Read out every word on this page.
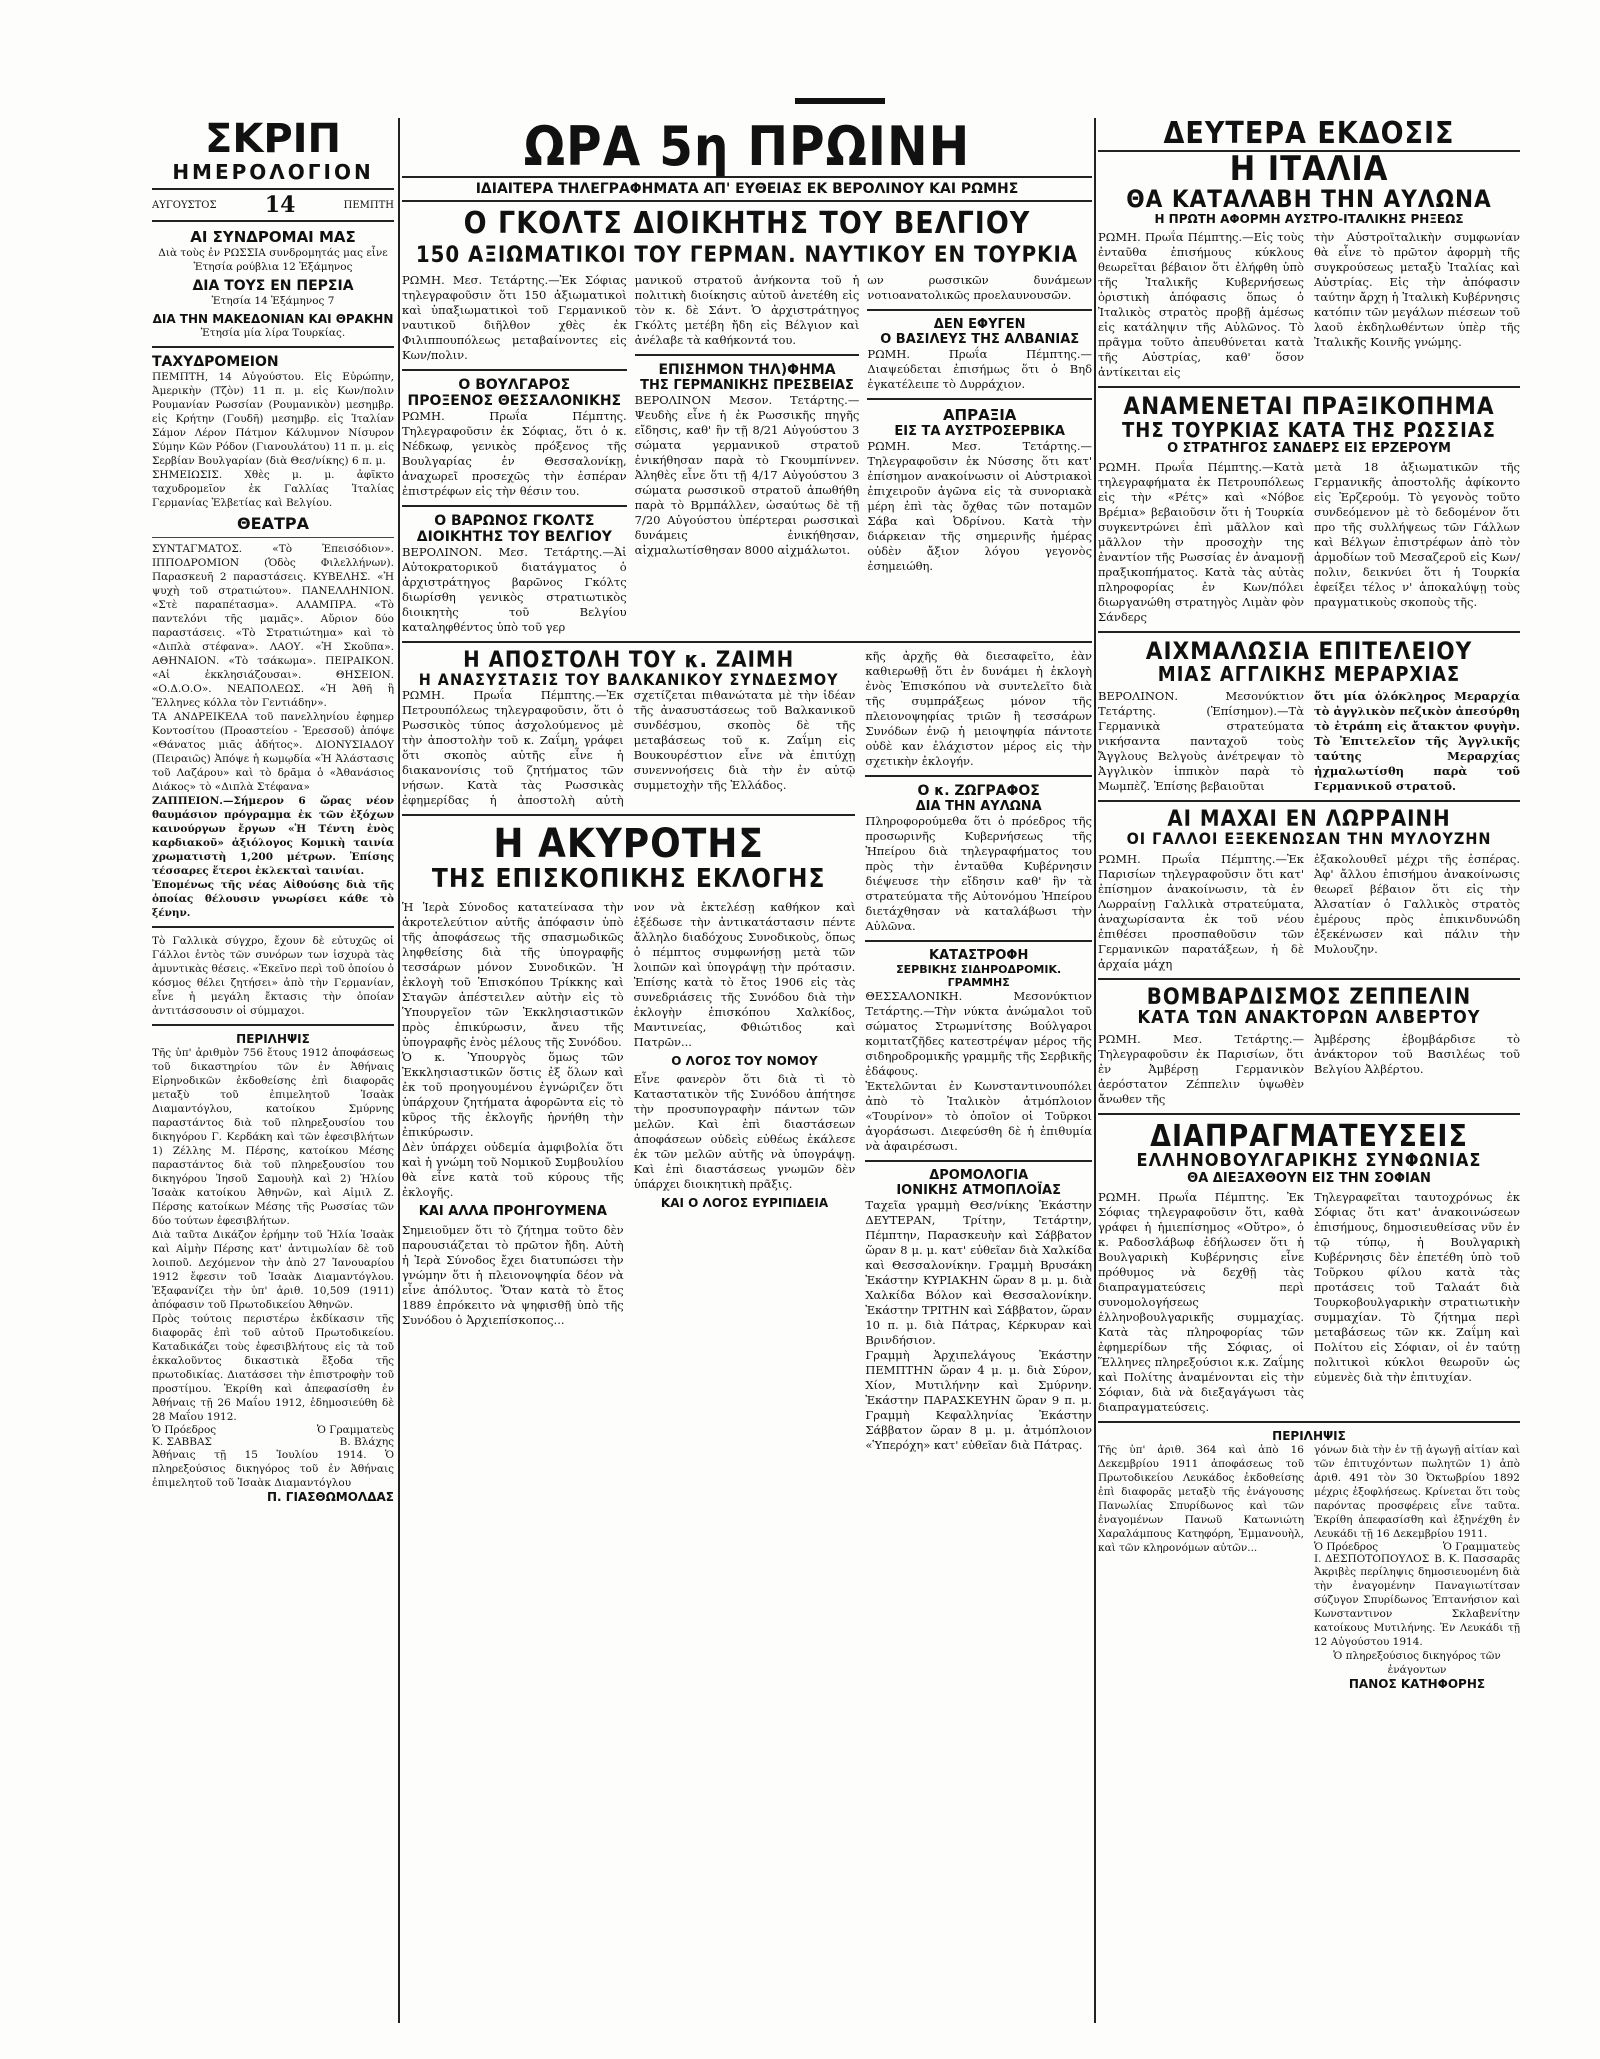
ΣΚΡΙΠ
ΗΜΕΡΟΛΟΓΙΟΝ
ΑΥΓΟΥΣΤΟΣ 14	ΠΕΜΠΤΗ
ΑΙ ΣΥΝΔΡΟΜΑΙ ΜΑΣ
Διὰ τοὺς ἐν ΡΩΣΣΙΑ συνδρομητάς μας εἶνε Ἐτησία ρούβλια 12 Ἑξάμηνος
ΔΙΑ ΤΟΥΣ ΕΝ ΠΕΡΣΙΑ
Ἐτησία 14 Ἑξάμηνος 7
ΔΙΑ ΤΗΝ ΜΑΚΕΔΟΝΙΑΝ ΚΑΙ ΘΡΑΚΗΝ
Ἐτησία μία λίρα Τουρκίας.
ΤΑΧΥΔΡΟΜΕΙΟΝ
ΠΕΜΠΤΗ, 14 Αὐγούστου. Εἰς Εὐρώπην, Ἀμερικὴν (Τζὸν) 11 π. μ. εἰς Κων/πολιν Ρουμανίαν Ρωσσίαν (Ρουμανικὸν) μεσημβρ. εἰς Κρήτην (Γουδῆ) μεσημβρ. εἰς Ἰταλίαν Σάμον Λέρον Πάτμον Κάλυμνον Νίσυρον Σύμην Κῶν Ρόδον (Γιανουλάτου) 11 π. μ. εἰς Σερβίαν Βουλγαρίαν (διὰ Θεσ/νίκης) 6 π. μ.
ΣΗΜΕΙΩΣΙΣ. Χθὲς μ. μ. ἀφῖκτο ταχυδρομεῖον ἐκ Γαλλίας Ἰταλίας Γερμανίας Ἑλβετίας καὶ Βελγίου.
ΘΕΑΤΡΑ
ΣΥΝΤΑΓΜΑΤΟΣ. «Τὸ Ἐπεισόδιον». ΙΠΠΟΔΡΟΜΙΟΝ (Ὁδὸς Φιλελλήνων). Παρασκευῆ 2 παραστάσεις. ΚΥΒΕΛΗΣ. «Ἡ ψυχὴ τοῦ στρατιώτου». ΠΑΝΕΛΛΗΝΙΟΝ. «Στὲ παραπέτασμα». ΑΛΑΜΠΡΑ. «Τὸ παντελόνι τῆς μαμᾶς». Αὔριον δύο παραστάσεις. «Τὸ Στρατιώτημα» καὶ τὸ «Διπλὰ στέφανα». ΛΑΟΥ. «Ἡ Σκοῦπα». ΑΘΗΝΑΙΟΝ. «Τὸ τσάκωμα». ΠΕΙΡΑΙΚΟΝ. «Αἱ ἐκκλησιάζουσαι». ΘΗΣΕΙΟΝ. «Ο.Δ.Ο.Ο». ΝΕΑΠΟΛΕΩΣ. «Ἡ Ἀθῆ ἢ Ἕλληνες κόλλα τὸν Γεντιάδην».
ΤΑ ΑΝΔΡΕΙΚΕΛΑ τοῦ πανελληνίου ἐφημερ Κοντοσίτου (Προαστείου - Ἐρεσσοῦ) ἀπόψε «Θάνατος μιᾶς ἀδήτος». ΔΙΟΝΥΣΙΑΔΟΥ (Πειραιῶς) Ἀπόψε ἡ κωμῳδία «Ἡ Ἀλάστασις τοῦ Λαζάρου» καὶ τὸ δρᾶμα ὁ «Ἀθανάσιος Διάκος» τὸ «Διπλὰ Στέφανα»
ΖΑΠΠΕΙΟΝ.—Σήμερον 6 ὥρας νέον θαυμάσιον πρόγραμμα ἐκ τῶν ἐξόχων καινούργων ἔργων «Ἡ Τέντη ἐνὸς καρδιακοῦ» ἀξιόλογος Κομικὴ ταινία χρωματιστὴ 1,200 μέτρων. Ἐπίσης τέσσαρες ἕτεροι ἐκλεκταὶ ταινίαι.
Ἐπομένως τῆς νέας Αἰθούσης διὰ τῆς ὁποίας θέλουσιν γνωρίσει κάθε τὸ ξένην.
Τὸ Γαλλικὰ σύγχρο, ἔχουν δὲ εὐτυχῶς οἱ Γάλλοι ἐντὸς τῶν συνόρων των ἰσχυρὰ τὰς ἀμυντικὰς θέσεις. «Ἐκεῖνο περὶ τοῦ ὁποίου ὁ κόσμος θέλει ζητήσει» ἀπὸ τὴν Γερμανίαν, εἶνε ἡ μεγάλη ἔκτασις τὴν ὁποίαν ἀντιτάσσουσιν οἱ σύμμαχοι.
ΠΕΡΙΛΗΨΙΣ
Τῆς ὑπ' ἀριθμὸν 756 ἔτους 1912 ἀποφάσεως τοῦ δικαστηρίου τῶν ἐν Ἀθήναις Εἰρηνοδικῶν ἐκδοθείσης ἐπὶ διαφορᾶς μεταξὺ τοῦ ἐπιμελητοῦ Ἰσαὰκ Διαμαντόγλου, κατοίκου Σμύρνης παραστάντος διὰ τοῦ πληρεξουσίου του δικηγόρου Γ. Κερδάκη καὶ τῶν ἐφεσιβλήτων 1) Ζέλλης Μ. Πέρσης, κατοίκου Μέσης παραστάντος διὰ τοῦ πληρεξουσίου του δικηγόρου Ἰησοῦ Σαμουὴλ καὶ 2) Ἠλίου Ἰσαὰκ κατοίκου Ἀθηνῶν, καὶ Αἰμιλ Ζ. Πέρσης κατοίκων Μέσης τῆς Ρωσσίας τῶν δύο τούτων ἐφεσιβλήτων.
Διὰ ταῦτα Δικάζον ἐρήμην τοῦ Ἠλία Ἰσαὰκ καὶ Αἰμὴν Πέρσης κατ' ἀντιμωλίαν δὲ τοῦ λοιποῦ. Δεχόμενον τὴν ἀπὸ 27 Ἰανουαρίου 1912 ἔφεσιν τοῦ Ἰσαὰκ Διαμαντόγλου. Ἐξαφανίζει τὴν ὑπ' ἀριθ. 10,509 (1911) ἀπόφασιν τοῦ Πρωτοδικείου Ἀθηνῶν.
Πρὸς τούτοις περιστέρω ἐκδίκασιν τῆς διαφορᾶς ἐπὶ τοῦ αὐτοῦ Πρωτοδικείου. Καταδικάζει τοὺς ἐφεσιβλήτους εἰς τὰ τοῦ ἐκκαλοῦντος δικαστικὰ ἔξοδα τῆς πρωτοδικίας. Διατάσσει τὴν ἐπιστροφὴν τοῦ προστίμου. Ἐκρίθη καὶ ἀπεφασίσθη ἐν Ἀθήναις τῇ 26 Μαΐου 1912, ἐδημοσιεύθη δὲ 28 Μαΐου 1912.
Ὁ Πρόεδρος
Κ. ΣΑΒΒΑΣ
Ὁ Γραμματεὺς
Β. Βλάχης
Ἀθήναις τῇ 15 Ἰουλίου 1914. Ὁ πληρεξούσιος δικηγόρος τοῦ ἐν Ἀθήναις ἐπιμελητοῦ τοῦ Ἰσαὰκ Διαμαντόγλου
Π. ΓΙΑΣΘΩΜΟΛΔΑΣ
ΩΡΑ 5η ΠΡΩΙΝΗ
ΙΔΙΑΙΤΕΡΑ ΤΗΛΕΓΡΑΦΗΜΑΤΑ ΑΠ' ΕΥΘΕΙΑΣ ΕΚ ΒΕΡΟΛΙΝΟΥ ΚΑΙ ΡΩΜΗΣ
Ο ΓΚΟΛΤΣ ΔΙΟΙΚΗΤΗΣ ΤΟΥ ΒΕΛΓΙΟΥ
150 ΑΞΙΩΜΑΤΙΚΟΙ ΤΟΥ ΓΕΡΜΑΝ. ΝΑΥΤΙΚΟΥ ΕΝ ΤΟΥΡΚΙΑ
ΡΩΜΗ. Μεσ. Τετάρτης.—Ἐκ Σόφιας τηλεγραφοῦσιν ὅτι 150 ἀξιωματικοὶ καὶ ὑπαξιωματικοὶ τοῦ Γερμανικοῦ ναυτικοῦ διῆλθον χθὲς ἐκ Φιλιππουπόλεως μεταβαίνοντες εἰς Κων/πολιν.
Ο ΒΟΥΛΓΑΡΟΣ
ΠΡΟΞΕΝΟΣ ΘΕΣΣΑΛΟΝΙΚΗΣ
ΡΩΜΗ. Πρωΐα Πέμπτης. Τηλεγραφοῦσιν ἐκ Σόφιας, ὅτι ὁ κ. Νέδκωφ, γενικὸς πρόξενος τῆς Βουλγαρίας ἐν Θεσσαλονίκῃ, ἀναχωρεῖ προσεχῶς τὴν ἐσπέραν ἐπιστρέφων εἰς τὴν θέσιν του.
Ο ΒΑΡΩΝΟΣ ΓΚΟΛΤΣ
ΔΙΟΙΚΗΤΗΣ ΤΟΥ ΒΕΛΓΙΟΥ
ΒΕΡΟΛΙΝΟΝ. Μεσ. Τετάρτης.—Ἀἱ Αὐτοκρατορικοῦ διατάγματος ὁ ἀρχιστράτηγος βαρῶνος Γκόλτς διωρίσθη γενικὸς στρατιωτικὸς διοικητὴς τοῦ Βελγίου καταληφθέντος ὑπὸ τοῦ γερ
μανικοῦ στρατοῦ ἀνήκοντα τοῦ ἡ πολιτικὴ διοίκησις αὐτοῦ ἀνετέθη εἰς τὸν κ. δὲ Σάντ. Ὁ ἀρχιστράτηγος Γκόλτς μετέβη ἤδη εἰς Βέλγιον καὶ ἀνέλαβε τὰ καθήκοντά του.
ΕΠΙΣΗΜΟΝ ΤΗΛ)ΦΗΜΑ
ΤΗΣ ΓΕΡΜΑΝΙΚΗΣ ΠΡΕΣΒΕΙΑΣ
ΒΕΡΟΛΙΝΟΝ Μεσον. Τετάρτης.—Ψευδὴς εἶνε ἡ ἐκ Ρωσσικῆς πηγῆς εἴδησις, καθ' ἣν τῇ 8/21 Αὐγούστου 3 σώματα γερμανικοῦ στρατοῦ ἐνικήθησαν παρὰ τὸ Γκουμπίννεν. Ἀληθὲς εἶνε ὅτι τῇ 4/17 Αὐγούστου 3 σώματα ρωσσικοῦ στρατοῦ ἀπωθήθη παρὰ τὸ Βρμπάλλεν, ὡσαύτως δὲ τῇ 7/20 Αὐγούστου ὑπέρτεραι ρωσσικαὶ δυνάμεις ἐνικήθησαν, αἰχμαλωτίσθησαν 8000 αἰχμάλωτοι.
ων ρωσσικῶν δυνάμεων νοτιοανατολικῶς προελαυνουσῶν.
ΔΕΝ ΕΦΥΓΕΝ
Ο ΒΑΣΙΛΕΥΣ ΤΗΣ ΑΛΒΑΝΙΑΣ
ΡΩΜΗ. Πρωΐα Πέμπτης.—Διαψεύδεται ἐπισήμως ὅτι ὁ Βηδ ἐγκατέλειπε τὸ Δυρράχιον.
ΑΠΡΑΞΙΑ
ΕΙΣ ΤΑ ΑΥΣΤΡΟΣΕΡΒΙΚΑ
ΡΩΜΗ. Μεσ. Τετάρτης.—Τηλεγραφοῦσιν ἐκ Νύσσης ὅτι κατ' ἐπίσημον ανακοίνωσιν οἱ Αὐστριακοὶ ἐπιχειροῦν ἀγῶνα εἰς τὰ συνοριακὰ μέρη ἐπὶ τὰς ὄχθας τῶν ποταμῶν Σάβα καὶ Ὀδρίνου. Κατὰ τὴν διάρκειαν τῆς σημερινῆς ἡμέρας οὐδὲν ἄξιον λόγου γεγονὸς ἐσημειώθη.
Η ΑΠΟΣΤΟΛΗ ΤΟΥ κ. ΖΑΪΜΗ
Η ΑΝΑΣΥΣΤΑΣΙΣ ΤΟΥ ΒΑΛΚΑΝΙΚΟΥ ΣΥΝΔΕΣΜΟΥ
ΡΩΜΗ. Πρωΐα Πέμπτης.—Ἐκ Πετρουπόλεως τηλεγραφοῦσιν, ὅτι ὁ Ρωσσικὸς τύπος ἀσχολούμενος μὲ τὴν ἀποστολὴν τοῦ κ. Ζαΐμη, γράφει ὅτι σκοπὸς αὐτῆς εἶνε ἡ διακανονίσις τοῦ ζητήματος τῶν νήσων. Κατὰ τὰς Ρωσσικὰς ἐφημερίδας ἡ ἀποστολὴ αὐτὴ σχετίζεται πιθανώτατα μὲ τὴν ἰδέαν τῆς ἀνασυστάσεως τοῦ Βαλκανικοῦ συνδέσμου, σκοπὸς δὲ τῆς μεταβάσεως τοῦ κ. Ζαΐμη εἰς Βουκουρέστιον εἶνε νὰ ἐπιτύχῃ συνεννοήσεις διὰ τὴν ἐν αὐτῷ συμμετοχὴν τῆς Ἑλλάδος.
Η ΑΚΥΡΟΤΗΣ
ΤΗΣ ΕΠΙΣΚΟΠΙΚΗΣ ΕΚΛΟΓΗΣ
Ἡ Ἱερὰ Σύνοδος κατατείνασα τὴν ἀκροτελεύτιον αὐτῆς ἀπόφασιν ὑπὸ τῆς ἀποφάσεως τῆς σπασμωδικῶς ληφθείσης διὰ τῆς ὑπογραφῆς τεσσάρων μόνον Συνοδικῶν. Ἡ ἐκλογὴ τοῦ Ἐπισκόπου Τρίκκης καὶ Σταγῶν ἀπέστειλεν αὐτὴν εἰς τὸ Ὑπουργεῖον τῶν Ἐκκλησιαστικῶν πρὸς ἐπικύρωσιν, ἄνευ τῆς ὑπογραφῆς ἑνὸς μέλους τῆς Συνόδου.
Ὁ κ. Ὑπουργὸς ὅμως τῶν Ἐκκλησιαστικῶν ὅστις ἐξ ὅλων καὶ ἐκ τοῦ προηγουμένου ἐγνώριζεν ὅτι ὑπάρχουν ζητήματα ἀφορῶντα εἰς τὸ κῦρος τῆς ἐκλογῆς ἠρνήθη τὴν ἐπικύρωσιν.
Δὲν ὑπάρχει οὐδεμία ἀμφιβολία ὅτι καὶ ἡ γνώμη τοῦ Νομικοῦ Συμβουλίου θὰ εἶνε κατὰ τοῦ κύρους τῆς ἐκλογῆς.
ΚΑΙ ΑΛΛΑ ΠΡΟΗΓΟΥΜΕΝΑ
Σημειοῦμεν ὅτι τὸ ζήτημα τοῦτο δὲν παρουσιάζεται τὸ πρῶτον ἤδη. Αὐτὴ ἡ Ἱερὰ Σύνοδος ἔχει διατυπώσει τὴν γνώμην ὅτι ἡ πλειονοψηφία δέον νὰ εἶνε ἀπόλυτος. Ὅταν κατὰ τὸ ἔτος 1889 ἐπρόκειτο νὰ ψηφισθῇ ὑπὸ τῆς Συνόδου ὁ Ἀρχιεπίσκοπος...
νον νὰ ἐκτελέσῃ καθήκον καὶ ἐξέδωσε τὴν ἀντικατάστασιν πέντε ἄλληλο διαδόχους Συνοδικοὺς, ὅπως ὁ πέμπτος συμφωνήσῃ μετὰ τῶν λοιπῶν καὶ ὑπογράψῃ τὴν πρότασιν. Ἐπίσης κατὰ τὸ ἔτος 1906 εἰς τὰς συνεδριάσεις τῆς Συνόδου διὰ τὴν ἐκλογὴν ἐπισκόπου Χαλκίδος, Μαντινείας, Φθιώτιδος καὶ Πατρῶν...
Ο ΛΟΓΟΣ ΤΟΥ ΝΟΜΟΥ
Εἶνε φανερὸν ὅτι διὰ τὶ τὸ Καταστατικὸν τῆς Συνόδου ἀπήτησε τὴν προσυπογραφὴν πάντων τῶν μελῶν. Καὶ ἐπὶ διαστάσεων ἀποφάσεων οὐδεὶς εὐθέως ἐκάλεσε ἐκ τῶν μελῶν αὐτῆς νὰ ὑπογράψῃ. Καὶ ἐπὶ διαστάσεως γνωμῶν δὲν ὑπάρχει διοικητικὴ πρᾶξις.
ΚΑΙ Ο ΛΟΓΟΣ ΕΥΡΙΠΙΔΕΙΑ
κῆς ἀρχῆς θὰ διεσαφεῖτο, ἐὰν καθιερωθῇ ὅτι ἐν δυνάμει ἡ ἐκλογὴ ἐνὸς Ἐπισκόπου νὰ συντελεῖτο διὰ τῆς συμπράξεως μόνον τῆς πλειονοψηφίας τριῶν ἢ τεσσάρων Συνόδων ἐνῷ ἡ μειοψηφία πάντοτε οὐδὲ καν ἐλάχιστον μέρος εἰς τὴν σχετικὴν ἐκλογήν.
Ο κ. ΖΩΓΡΑΦΟΣ
ΔΙΑ ΤΗΝ ΑΥΛΩΝΑ
Πληροφορούμεθα ὅτι ὁ πρόεδρος τῆς προσωρινῆς Κυβερνήσεως τῆς Ἠπείρου διὰ τηλεγραφήματος του πρὸς τὴν ἐνταῦθα Κυβέρνησιν διέψευσε τὴν εἴδησιν καθ' ἣν τὰ στρατεύματα τῆς Αὐτονόμου Ἠπείρου διετάχθησαν νὰ καταλάβωσι τὴν Αὐλῶνα.
ΚΑΤΑΣΤΡΟΦΗ
ΣΕΡΒΙΚΗΣ ΣΙΔΗΡΟΔΡΟΜΙΚ. ΓΡΑΜΜΗΣ
ΘΕΣΣΑΛΟΝΙΚΗ. Μεσονύκτιον Τετάρτης.—Τὴν νύκτα ἀνώμαλοι τοῦ σώματος Στρωμνίτσης Βούλγαροι κομιτατζῆδες κατεστρέψαν μέρος τῆς σιδηροδρομικῆς γραμμῆς τῆς Σερβικῆς ἐδάφους.
Ἐκτελῶνται ἐν Κωνσταντινουπόλει ἀπὸ τὸ Ἰταλικὸν ἀτμόπλοιον «Τουρίνον» τὸ ὁποῖον οἱ Τοῦρκοι ἀγοράσωσι. Διεφεύσθη δὲ ἡ ἐπιθυμία νὰ ἀφαιρέσωσι.
ΔΡΟΜΟΛΟΓΙΑ
ΙΟΝΙΚΗΣ ΑΤΜΟΠΛΟΪΑΣ
Ταχεῖα γραμμὴ Θεσ/νίκης Ἐκάστην ΔΕΥΤΕΡΑΝ, Τρίτην, Τετάρτην, Πέμπτην, Παρασκευὴν καὶ Σάββατον ὥραν 8 μ. μ. κατ' εὐθεῖαν διὰ Χαλκίδα καὶ Θεσσαλονίκην. Γραμμὴ Βρυσάκη Ἐκάστην ΚΥΡΙΑΚΗΝ ὥραν 8 μ. μ. διὰ Χαλκίδα Βόλον καὶ Θεσσαλονίκην. Ἐκάστην ΤΡΙΤΗΝ καὶ Σάββατον, ὥραν 10 π. μ. διὰ Πάτρας, Κέρκυραν καὶ Βρινδήσιον.
Γραμμὴ Ἀρχιπελάγους Ἐκάστην ΠΕΜΠΤΗΝ ὥραν 4 μ. μ. διὰ Σύρον, Χίον, Μυτιλήνην καὶ Σμύρνην. Ἐκάστην ΠΑΡΑΣΚΕΥΗΝ ὥραν 9 π. μ. Γραμμὴ Κεφαλληνίας Ἐκάστην Σάββατον ὥραν 8 μ. μ. ἀτμόπλοιον «Ὑπερόχη» κατ' εὐθεῖαν διὰ Πάτρας.
ΔΕΥΤΕΡΑ ΕΚΔΟΣΙΣ
Η ΙΤΑΛΙΑ
ΘΑ ΚΑΤΑΛΑΒΗ ΤΗΝ ΑΥΛΩΝΑ
Η ΠΡΩΤΗ ΑΦΟΡΜΗ ΑΥΣΤΡΟ-ΙΤΑΛΙΚΗΣ ΡΗΞΕΩΣ
ΡΩΜΗ. Πρωΐα Πέμπτης.—Εἰς τοὺς ἐνταῦθα ἐπισήμους κύκλους θεωρεῖται βέβαιον ὅτι ἐλήφθη ὑπὸ τῆς Ἰταλικῆς Κυβερνήσεως ὁριστικὴ ἀπόφασις ὅπως ὁ Ἰταλικὸς στρατὸς προβῇ ἀμέσως εἰς κατάληψιν τῆς Αὐλῶνος. Τὸ πρᾶγμα τοῦτο ἀπευθύνεται κατὰ τῆς Αὐστρίας, καθ' ὅσον ἀντίκειται εἰς
τὴν Αὐστροϊταλικὴν συμφωνίαν θὰ εἶνε τὸ πρῶτον ἀφορμὴ τῆς συγκρούσεως μεταξὺ Ἰταλίας καὶ Αὐστρίας. Εἰς τὴν ἀπόφασιν ταύτην ἄρχη ἡ Ἰταλικὴ Κυβέρνησις κατόπιν τῶν μεγάλων πιέσεων τοῦ λαοῦ ἐκδηλωθέντων ὑπὲρ τῆς Ἰταλικῆς Κοινῆς γνώμης.
ΑΝΑΜΕΝΕΤΑΙ ΠΡΑΞΙΚΟΠΗΜΑ
ΤΗΣ ΤΟΥΡΚΙΑΣ ΚΑΤΑ ΤΗΣ ΡΩΣΣΙΑΣ
Ο ΣΤΡΑΤΗΓΟΣ ΣΑΝΔΕΡΣ ΕΙΣ ΕΡΖΕΡΟΥΜ
ΡΩΜΗ. Πρωΐα Πέμπτης.—Κατὰ τηλεγραφήματα ἐκ Πετρουπόλεως εἰς τὴν «Ρέτς» καὶ «Νόβοε Βρέμια» βεβαιοῦσιν ὅτι ἡ Τουρκία συγκεντρώνει ἐπὶ μᾶλλον καὶ μᾶλλον τὴν προσοχὴν της ἐναντίον τῆς Ρωσσίας ἐν ἀναμονῇ πραξικοπήματος. Κατὰ τὰς αὐτὰς πληροφορίας ἐν Κων/πόλει διωργανώθη στρατηγὸς Λιμὰν φὸν Σάνδερς
μετὰ 18 ἀξιωματικῶν τῆς Γερμανικῆς ἀποστολῆς ἀφίκοντο εἰς Ἐρζερούμ. Τὸ γεγονὸς τοῦτο συνδεόμενον μὲ τὸ δεδομένον ὅτι προ τῆς συλλήψεως τῶν Γάλλων καὶ Βέλγων ἐπιστρέφων ἀπὸ τὸν ἀρμοδίων τοῦ Μεσαζεροῦ εἰς Κων/πολιν, δεικνύει ὅτι ἡ Τουρκία ἐφείξει τέλος ν' ἀποκαλύψῃ τοὺς πραγματικοὺς σκοποὺς τῆς.
ΑΙΧΜΑΛΩΣΙΑ ΕΠΙΤΕΛΕΙΟΥ
ΜΙΑΣ ΑΓΓΛΙΚΗΣ ΜΕΡΑΡΧΙΑΣ
ΒΕΡΟΛΙΝΟΝ. Μεσονύκτιον Τετάρτης. (Ἐπίσημον).—Τὰ Γερμανικὰ στρατεύματα νικήσαντα πανταχοῦ τοὺς Ἄγγλους Βελγοὺς ἀνέτρεψαν τὸ Ἀγγλικὸν ἱππικὸν παρὰ τὸ Μωμπὲζ. Ἐπίσης βεβαιοῦται
ὅτι μία ὁλόκληρος Μεραρχία τὸ ἀγγλικὸν πεζικὸν ἀπεσύρθη τὸ ἐτράπη εἰς ἄτακτον φυγὴν. Τὸ Ἐπιτελεῖον τῆς Ἀγγλικῆς ταύτης Μεραρχίας ἠχμαλωτίσθη παρὰ τοῦ Γερμανικοῦ στρατοῦ.
ΑΙ ΜΑΧΑΙ ΕΝ ΛΩΡΡΑΙΝΗ
ΟΙ ΓΑΛΛΟΙ ΕΞΕΚΕΝΩΣΑΝ ΤΗΝ ΜΥΛΟΥΖΗΝ
ΡΩΜΗ. Πρωΐα Πέμπτης.—Ἐκ Παρισίων τηλεγραφοῦσιν ὅτι κατ' ἐπίσημον ἀνακοίνωσιν, τὰ ἐν Λωρραίνῃ Γαλλικὰ στρατεύματα, ἀναχωρίσαντα ἐκ τοῦ νέου ἐπιθέσει προσπαθοῦσιν τῶν Γερμανικῶν παρατάξεων, ἡ δὲ ἀρχαία μάχη
ἐξακολουθεῖ μέχρι τῆς ἐσπέρας. Ἀφ' ἄλλου ἐπισήμου ἀνακοίνωσις θεωρεῖ βέβαιον ὅτι εἰς τὴν Ἀλσατίαν ὁ Γαλλικὸς στρατὸς ἐμέρους πρὸς ἐπικινδυνώδη ἐξεκένωσεν καὶ πάλιν τὴν Μυλουζην.
ΒΟΜΒΑΡΔΙΣΜΟΣ ΖΕΠΠΕΛΙΝ
ΚΑΤΑ ΤΩΝ ΑΝΑΚΤΟΡΩΝ ΑΛΒΕΡΤΟΥ
ΡΩΜΗ. Μεσ. Τετάρτης.—Τηλεγραφοῦσιν ἐκ Παρισίων, ὅτι ἐν Ἀμβέρσῃ Γερμανικὸν ἀερόστατον Ζέππελιν ὑψωθὲν ἄνωθεν τῆς
Ἀμβέρσης ἐβομβάρδισε τὸ ἀνάκτορον τοῦ Βασιλέως τοῦ Βελγίου Ἀλβέρτου.
ΔΙΑΠΡΑΓΜΑΤΕΥΣΕΙΣ
ΕΛΛΗΝΟΒΟΥΛΓΑΡΙΚΗΣ ΣΥΝΦΩΝΙΑΣ
ΘΑ ΔΙΕΞΑΧΘΟΥΝ ΕΙΣ ΤΗΝ ΣΟΦΙΑΝ
ΡΩΜΗ. Πρωΐα Πέμπτης. Ἐκ Σόφιας τηλεγραφοῦσιν ὅτι, καθὰ γράφει ἡ ἡμιεπίσημος «Οὔτρο», ὁ κ. Ραδοσλάβωφ ἐδήλωσεν ὅτι ἡ Βουλγαρικὴ Κυβέρνησις εἶνε πρόθυμος νὰ δεχθῇ τὰς διαπραγματεύσεις περὶ συνομολογήσεως ἑλληνοβουλγαρικῆς συμμαχίας. Κατὰ τὰς πληροφορίας τῶν ἐφημερίδων τῆς Σόφιας, οἱ Ἕλληνες πληρεξούσιοι κ.κ. Ζαΐμης καὶ Πολίτης ἀναμένονται εἰς τὴν Σόφιαν, διὰ νὰ διεξαγάγωσι τὰς διαπραγματεύσεις.
Τηλεγραφεῖται ταυτοχρόνως ἐκ Σόφιας ὅτι κατ' ἀνακοινώσεων ἐπισήμους, δημοσιευθείσας νῦν ἐν τῷ τύπῳ, ἡ Βουλγαρικὴ Κυβέρνησις δὲν ἐπετέθη ὑπὸ τοῦ Τοῦρκου φίλου κατὰ τὰς προτάσεις τοῦ Ταλαάτ διὰ Τουρκοβουλγαρικὴν στρατιωτικὴν συμμαχίαν. Τὸ ζήτημα περὶ μεταβάσεως τῶν κκ. Ζαΐμη καὶ Πολίτου εἰς Σόφιαν, οἱ ἐν ταύτῃ πολιτικοὶ κύκλοι θεωροῦν ὡς εὐμενὲς διὰ τὴν ἐπιτυχίαν.
ΠΕΡΙΛΗΨΙΣ
Τῆς ὑπ' ἀριθ. 364 καὶ ἀπὸ 16 Δεκεμβρίου 1911 ἀποφάσεως τοῦ Πρωτοδικείου Λευκάδος ἐκδοθείσης ἐπὶ διαφορᾶς μεταξὺ τῆς ἐνάγουσης Πανωλίας Σπυρίδωνος καὶ τῶν ἐναγομένων Πανωῦ Κατωνιώτη Χαραλάμπους Κατηφόρη, Ἐμμανουὴλ, καὶ τῶν κληρονόμων αὐτῶν...
γόνων διὰ τὴν ἐν τῇ ἀγωγῇ αἰτίαν καὶ τῶν ἐπιτυχόντων πωλητῶν 1) ἀπὸ ἀριθ. 491 τὸν 30 Ὀκτωβρίου 1892 μέχρις ἐξοφλήσεως. Κρίνεται ὅτι τοὺς παρόντας προσφέρεις εἶνε ταῦτα. Ἐκρίθη ἀπεφασίσθη καὶ ἐξηνέχθη ἐν Λευκάδι τῇ 16 Δεκεμβρίου 1911.
Ὁ Πρόεδρος
Ι. ΔΕΣΠΟΤΟΠΟΥΛΟΣ
Ὁ Γραμματεὺς
Β. Κ. Πασσαρᾶς
Ἀκριβὲς περίληψις δημοσιευομένη διὰ τὴν ἐναγομένην Παναγιωτίτσαν σύζυγον Σπυρίδωνος Ἐπτανήσιον καὶ Κωνσταντινον Σκλαβενίτην κατοίκους Μυτιλήνης. Ἐν Λευκάδι τῇ 12 Αὐγούστου 1914.
Ὁ πληρεξούσιος δικηγόρος τῶν ἐνάγοντων
ΠΑΝΟΣ ΚΑΤΗΦΟΡΗΣ
